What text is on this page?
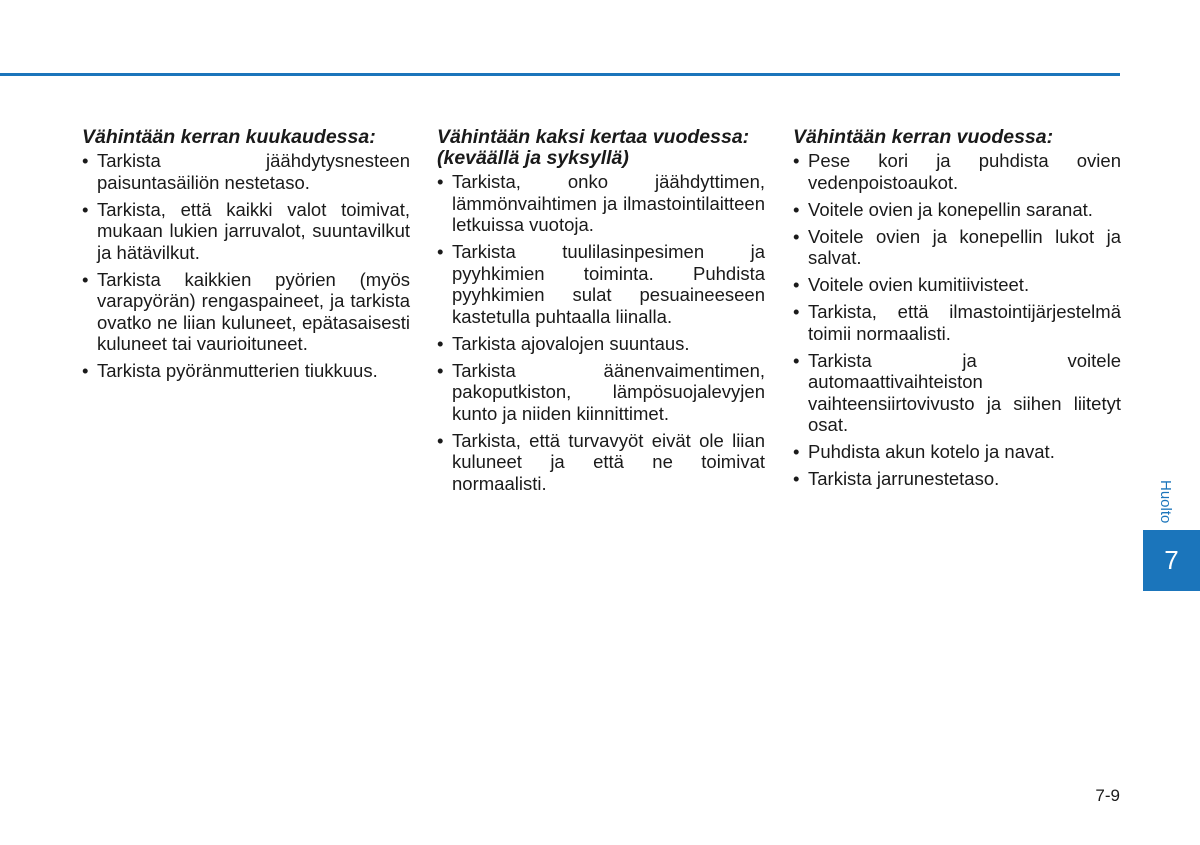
Vähintään kerran kuukaudessa:
• Tarkista jäähdytysnesteen paisuntasäiliön nestetaso.
• Tarkista, että kaikki valot toimivat, mukaan lukien jarruvalot, suuntavilkut ja hätävilkut.
• Tarkista kaikkien pyörien (myös varapyörän) rengaspaineet, ja tarkista ovatko ne liian kuluneet, epätasaisesti kuluneet tai vaurioituneet.
• Tarkista pyöränmutterien tiukkuus.
Vähintään kaksi kertaa vuodessa: (keväällä ja syksyllä)
• Tarkista, onko jäähdyttimen, lämmönvaihtimen ja ilmastointilaitteen letkuissa vuotoja.
• Tarkista tuulilasinpesimen ja pyyhkimien toiminta. Puhdista pyyhkimien sulat pesuaineeseen kastetulla puhtaalla liinalla.
• Tarkista ajovalojen suuntaus.
• Tarkista äänenvaimentimen, pakoputkiston, lämpösuojalevyjen kunto ja niiden kiinnittimet.
• Tarkista, että turvavyöt eivät ole liian kuluneet ja että ne toimivat normaalisti.
Vähintään kerran vuodessa:
• Pese kori ja puhdista ovien vedenpoistoaukot.
• Voitele ovien ja konepellin saranat.
• Voitele ovien ja konepellin lukot ja salvat.
• Voitele ovien kumitiivisteet.
• Tarkista, että ilmastointijärjestelmä toimii normaalisti.
• Tarkista ja voitele automaattivaihteiston vaihteensiirtovivusto ja siihen liitetyt osat.
• Puhdista akun kotelo ja navat.
• Tarkista jarrunestetaso.
Huolto
7
7-9
